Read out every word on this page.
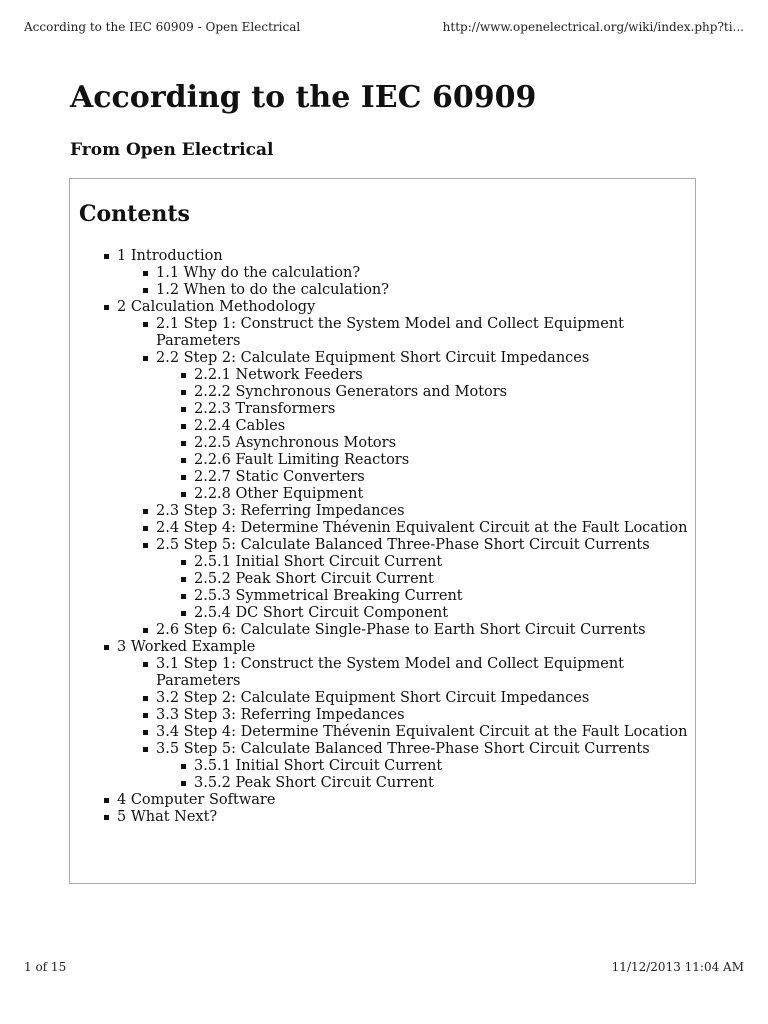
According to the IEC 60909 - Open Electrical	http://www.openelectrical.org/wiki/index.php?ti...
According to the IEC 60909
From Open Electrical
Contents
1 Introduction
1.1 Why do the calculation?
1.2 When to do the calculation?
2 Calculation Methodology
2.1 Step 1: Construct the System Model and Collect Equipment Parameters
2.2 Step 2: Calculate Equipment Short Circuit Impedances
2.2.1 Network Feeders
2.2.2 Synchronous Generators and Motors
2.2.3 Transformers
2.2.4 Cables
2.2.5 Asynchronous Motors
2.2.6 Fault Limiting Reactors
2.2.7 Static Converters
2.2.8 Other Equipment
2.3 Step 3: Referring Impedances
2.4 Step 4: Determine Thévenin Equivalent Circuit at the Fault Location
2.5 Step 5: Calculate Balanced Three-Phase Short Circuit Currents
2.5.1 Initial Short Circuit Current
2.5.2 Peak Short Circuit Current
2.5.3 Symmetrical Breaking Current
2.5.4 DC Short Circuit Component
2.6 Step 6: Calculate Single-Phase to Earth Short Circuit Currents
3 Worked Example
3.1 Step 1: Construct the System Model and Collect Equipment Parameters
3.2 Step 2: Calculate Equipment Short Circuit Impedances
3.3 Step 3: Referring Impedances
3.4 Step 4: Determine Thévenin Equivalent Circuit at the Fault Location
3.5 Step 5: Calculate Balanced Three-Phase Short Circuit Currents
3.5.1 Initial Short Circuit Current
3.5.2 Peak Short Circuit Current
4 Computer Software
5 What Next?
1 of 15	11/12/2013 11:04 AM
